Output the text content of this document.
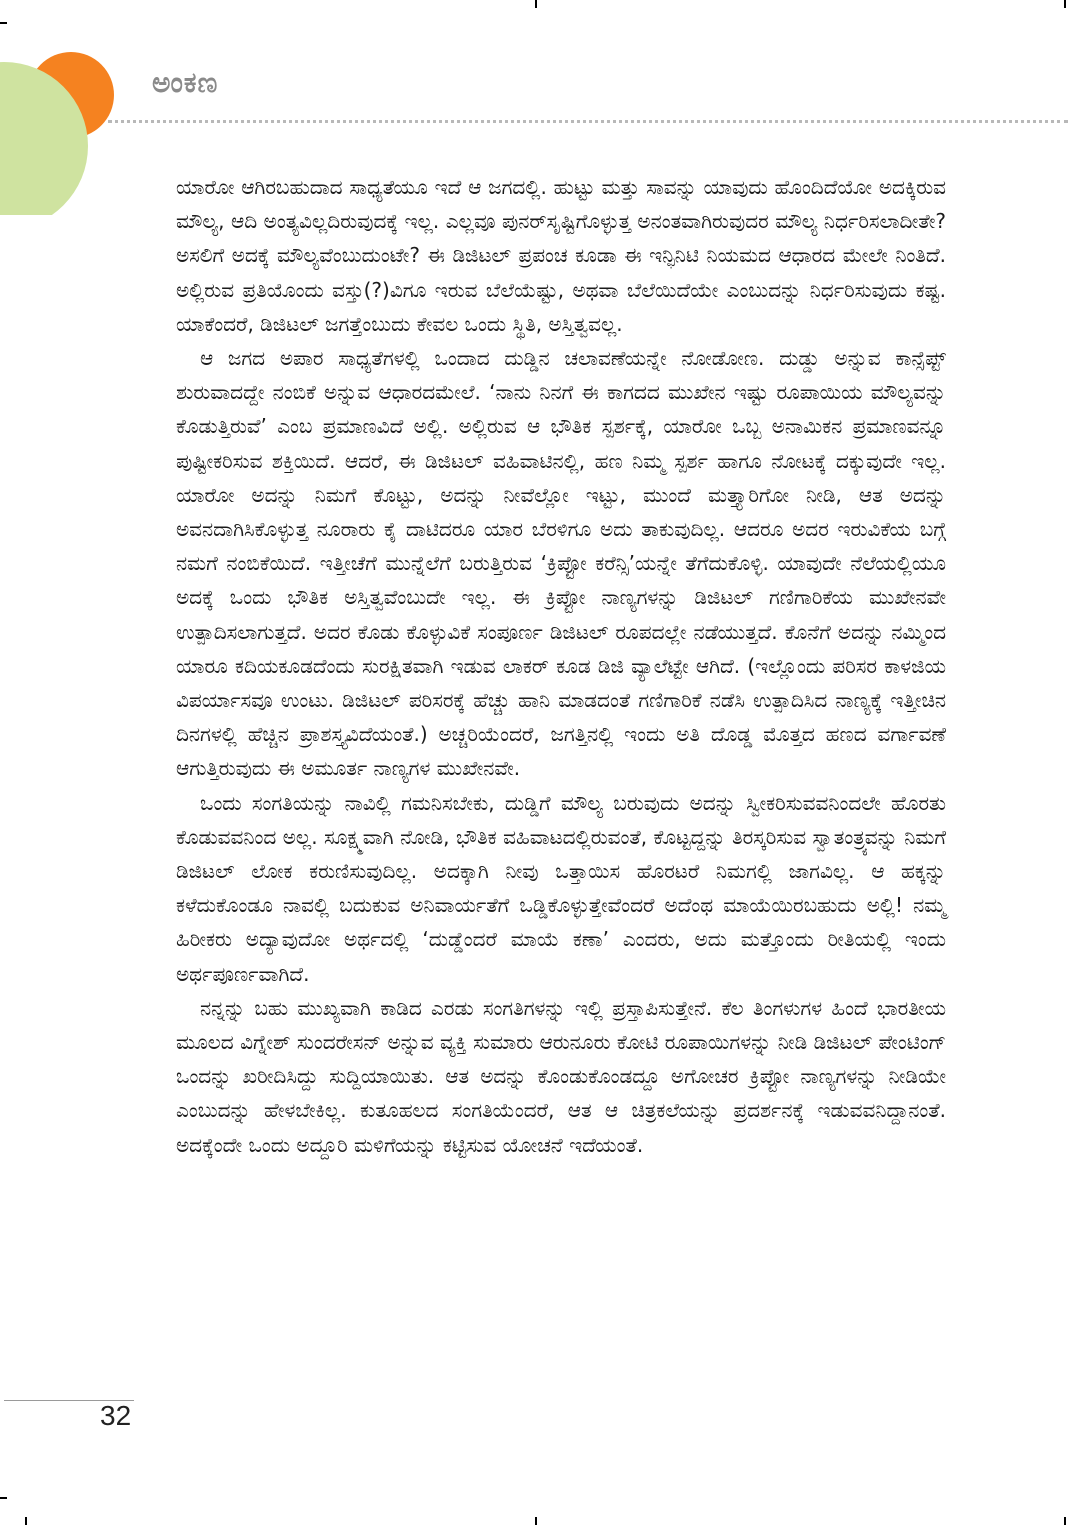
ಅಂಕಣ

ಯಾರೋ ಆಗಿರಬಹುದಾದ ಸಾಧ್ಯತೆಯೂ ಇದೆ ಆ ಜಗದಲ್ಲಿ. ಹುಟ್ಟು ಮತ್ತು ಸಾವನ್ನು ಯಾವುದು ಹೊಂದಿದೆಯೋ ಅದಕ್ಕಿರುವ ಮೌಲ್ಯ, ಆದಿ ಅಂತ್ಯವಿಲ್ಲದಿರುವುದಕ್ಕೆ ಇಲ್ಲ. ಎಲ್ಲವೂ ಪುನರ್‌ಸೃಷ್ಟಿಗೊಳ್ಳುತ್ತ ಅನಂತವಾಗಿರುವುದರ ಮೌಲ್ಯ ನಿರ್ಧರಿಸಲಾದೀತೇ? ಅಸಲಿಗೆ ಅದಕ್ಕೆ ಮೌಲ್ಯವೆಂಬುದುಂಟೇ? ಈ ಡಿಜಿಟಲ್ ಪ್ರಪಂಚ ಕೂಡಾ ಈ ಇನ್ಫಿನಿಟಿ ನಿಯಮದ ಆಧಾರದ ಮೇಲೇ ನಿಂತಿದೆ. ಅಲ್ಲಿರುವ ಪ್ರತಿಯೊಂದು ವಸ್ತು(?)ವಿಗೂ ಇರುವ ಬೆಲೆಯೆಷ್ಟು, ಅಥವಾ ಬೆಲೆಯಿದೆಯೇ ಎಂಬುದನ್ನು ನಿರ್ಧರಿಸುವುದು ಕಷ್ಟ. ಯಾಕೆಂದರೆ, ಡಿಜಿಟಲ್ ಜಗತ್ತೆಂಬುದು ಕೇವಲ ಒಂದು ಸ್ಥಿತಿ, ಅಸ್ತಿತ್ವವಲ್ಲ.

ಆ ಜಗದ ಅಪಾರ ಸಾಧ್ಯತೆಗಳಲ್ಲಿ ಒಂದಾದ ದುಡ್ಡಿನ ಚಲಾವಣೆಯನ್ನೇ ನೋಡೋಣ. ದುಡ್ಡು ಅನ್ನುವ ಕಾನ್ಸೆಪ್ಟ್ ಶುರುವಾದದ್ದೇ ನಂಬಿಕೆ ಅನ್ನುವ ಆಧಾರದಮೇಲೆ. ‘ನಾನು ನಿನಗೆ ಈ ಕಾಗದದ ಮುಖೇನ ಇಷ್ಟು ರೂಪಾಯಿಯ ಮೌಲ್ಯವನ್ನು ಕೊಡುತ್ತಿರುವೆ’ ಎಂಬ ಪ್ರಮಾಣವಿದೆ ಅಲ್ಲಿ. ಅಲ್ಲಿರುವ ಆ ಭೌತಿಕ ಸ್ಪರ್ಶಕ್ಕೆ, ಯಾರೋ ಒಬ್ಬ ಅನಾಮಿಕನ ಪ್ರಮಾಣವನ್ನೂ ಪುಷ್ಟೀಕರಿಸುವ ಶಕ್ತಿಯಿದೆ. ಆದರೆ, ಈ ಡಿಜಿಟಲ್ ವಹಿವಾಟಿನಲ್ಲಿ, ಹಣ ನಿಮ್ಮ ಸ್ಪರ್ಶ ಹಾಗೂ ನೋಟಕ್ಕೆ ದಕ್ಕುವುದೇ ಇಲ್ಲ. ಯಾರೋ ಅದನ್ನು ನಿಮಗೆ ಕೊಟ್ಟು, ಅದನ್ನು ನೀವೆಲ್ಲೋ ಇಟ್ಟು, ಮುಂದೆ ಮತ್ತ್ಯಾರಿಗೋ ನೀಡಿ, ಆತ ಅದನ್ನು ಅವನದಾಗಿಸಿಕೊಳ್ಳುತ್ತ ನೂರಾರು ಕೈ ದಾಟಿದರೂ ಯಾರ ಬೆರಳಿಗೂ ಅದು ತಾಕುವುದಿಲ್ಲ. ಆದರೂ ಅದರ ಇರುವಿಕೆಯ ಬಗ್ಗೆ ನಮಗೆ ನಂಬಿಕೆಯಿದೆ. ಇತ್ತೀಚೆಗೆ ಮುನ್ನೆಲೆಗೆ ಬರುತ್ತಿರುವ ‘ಕ್ರಿಪ್ಟೋ ಕರೆನ್ಸಿ’ಯನ್ನೇ ತೆಗೆದುಕೊಳ್ಳಿ. ಯಾವುದೇ ನೆಲೆಯಲ್ಲಿಯೂ ಅದಕ್ಕೆ ಒಂದು ಭೌತಿಕ ಅಸ್ತಿತ್ವವೆಂಬುದೇ ಇಲ್ಲ. ಈ ಕ್ರಿಪ್ಟೋ ನಾಣ್ಯಗಳನ್ನು ಡಿಜಿಟಲ್ ಗಣಿಗಾರಿಕೆಯ ಮುಖೇನವೇ ಉತ್ಪಾದಿಸಲಾಗುತ್ತದೆ. ಅದರ ಕೊಡು ಕೊಳ್ಳುವಿಕೆ ಸಂಪೂರ್ಣ ಡಿಜಿಟಲ್ ರೂಪದಲ್ಲೇ ನಡೆಯುತ್ತದೆ. ಕೊನೆಗೆ ಅದನ್ನು ನಮ್ಮಿಂದ ಯಾರೂ ಕದಿಯಕೂಡದೆಂದು ಸುರಕ್ಷಿತವಾಗಿ ಇಡುವ ಲಾಕರ್ ಕೂಡ ಡಿಜಿ ವ್ಯಾಲೆಟ್ಟೇ ಆಗಿದೆ. (ಇಲ್ಲೊಂದು ಪರಿಸರ ಕಾಳಜಿಯ ವಿಪರ್ಯಾಸವೂ ಉಂಟು. ಡಿಜಿಟಲ್ ಪರಿಸರಕ್ಕೆ ಹೆಚ್ಚು ಹಾನಿ ಮಾಡದಂತೆ ಗಣಿಗಾರಿಕೆ ನಡೆಸಿ ಉತ್ಪಾದಿಸಿದ ನಾಣ್ಯಕ್ಕೆ ಇತ್ತೀಚಿನ ದಿನಗಳಲ್ಲಿ ಹೆಚ್ಚಿನ ಪ್ರಾಶಸ್ತ್ಯವಿದೆಯಂತೆ.) ಅಚ್ಚರಿಯೆಂದರೆ, ಜಗತ್ತಿನಲ್ಲಿ ಇಂದು ಅತಿ ದೊಡ್ಡ ಮೊತ್ತದ ಹಣದ ವರ್ಗಾವಣೆ ಆಗುತ್ತಿರುವುದು ಈ ಅಮೂರ್ತ ನಾಣ್ಯಗಳ ಮುಖೇನವೇ.

ಒಂದು ಸಂಗತಿಯನ್ನು ನಾವಿಲ್ಲಿ ಗಮನಿಸಬೇಕು, ದುಡ್ಡಿಗೆ ಮೌಲ್ಯ ಬರುವುದು ಅದನ್ನು ಸ್ವೀಕರಿಸುವವನಿಂದಲೇ ಹೊರತು ಕೊಡುವವನಿಂದ ಅಲ್ಲ. ಸೂಕ್ಷ್ಮವಾಗಿ ನೋಡಿ, ಭೌತಿಕ ವಹಿವಾಟದಲ್ಲಿರುವಂತೆ, ಕೊಟ್ಟದ್ದನ್ನು ತಿರಸ್ಕರಿಸುವ ಸ್ವಾತಂತ್ರ್ಯವನ್ನು ನಿಮಗೆ ಡಿಜಿಟಲ್ ಲೋಕ ಕರುಣಿಸುವುದಿಲ್ಲ. ಅದಕ್ಕಾಗಿ ನೀವು ಒತ್ತಾಯಿಸ ಹೊರಟರೆ ನಿಮಗಲ್ಲಿ ಜಾಗವಿಲ್ಲ. ಆ ಹಕ್ಕನ್ನು ಕಳೆದುಕೊಂಡೂ ನಾವಲ್ಲಿ ಬದುಕುವ ಅನಿವಾರ್ಯತೆಗೆ ಒಡ್ಡಿಕೊಳ್ಳುತ್ತೇವೆಂದರೆ ಅದೆಂಥ ಮಾಯೆಯಿರಬಹುದು ಅಲ್ಲಿ! ನಮ್ಮ ಹಿರೀಕರು ಅದ್ಯಾವುದೋ ಅರ್ಥದಲ್ಲಿ ‘ದುಡ್ಡೆಂದರೆ ಮಾಯೆ ಕಣಾ’ ಎಂದರು, ಅದು ಮತ್ತೊಂದು ರೀತಿಯಲ್ಲಿ ಇಂದು ಅರ್ಥಪೂರ್ಣವಾಗಿದೆ.

ನನ್ನನ್ನು ಬಹು ಮುಖ್ಯವಾಗಿ ಕಾಡಿದ ಎರಡು ಸಂಗತಿಗಳನ್ನು ಇಲ್ಲಿ ಪ್ರಸ್ತಾಪಿಸುತ್ತೇನೆ. ಕೆಲ ತಿಂಗಳುಗಳ ಹಿಂದೆ ಭಾರತೀಯ ಮೂಲದ ವಿಗ್ನೇಶ್ ಸುಂದರೇಸನ್ ಅನ್ನುವ ವ್ಯಕ್ತಿ ಸುಮಾರು ಆರುನೂರು ಕೋಟಿ ರೂಪಾಯಿಗಳನ್ನು ನೀಡಿ ಡಿಜಿಟಲ್ ಪೇಂಟಿಂಗ್ ಒಂದನ್ನು ಖರೀದಿಸಿದ್ದು ಸುದ್ದಿಯಾಯಿತು. ಆತ ಅದನ್ನು ಕೊಂಡುಕೊಂಡದ್ದೂ ಅಗೋಚರ ಕ್ರಿಪ್ಟೋ ನಾಣ್ಯಗಳನ್ನು ನೀಡಿಯೇ ಎಂಬುದನ್ನು ಹೇಳಬೇಕಿಲ್ಲ. ಕುತೂಹಲದ ಸಂಗತಿಯೆಂದರೆ, ಆತ ಆ ಚಿತ್ರಕಲೆಯನ್ನು ಪ್ರದರ್ಶನಕ್ಕೆ ಇಡುವವನಿದ್ದಾನಂತೆ. ಅದಕ್ಕೆಂದೇ ಒಂದು ಅದ್ದೂರಿ ಮಳಿಗೆಯನ್ನು ಕಟ್ಟಿಸುವ ಯೋಚನೆ ಇದೆಯಂತೆ.

32
